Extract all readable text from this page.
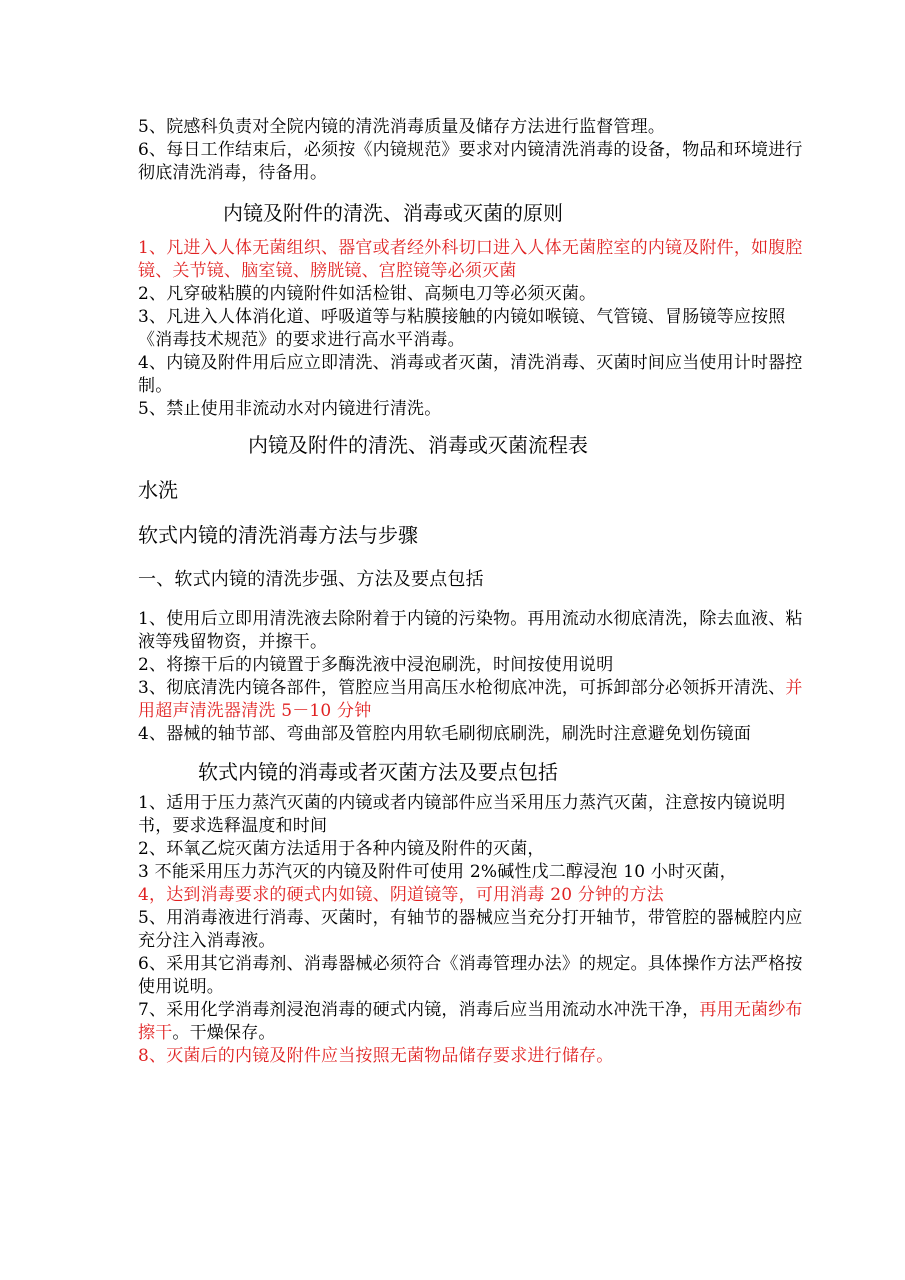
5、院感科负责对全院内镜的清洗消毒质量及储存方法进行监督管理。

6、每日工作结束后，必须按《内镜规范》要求对内镜清洗消毒的设备，物品和环境进行彻底清洗消毒，待备用。

内镜及附件的清洗、消毒或灭菌的原则

1、凡进入人体无菌组织、器官或者经外科切口进入人体无菌腔室的内镜及附件，如腹腔镜、关节镜、脑室镜、膀胱镜、宫腔镜等必须灭菌

2、凡穿破粘膜的内镜附件如活检钳、高频电刀等必须灭菌。

3、凡进入人体消化道、呼吸道等与粘膜接触的内镜如喉镜、气管镜、冒肠镜等应按照《消毒技术规范》的要求进行高水平消毒。

4、内镜及附件用后应立即清洗、消毒或者灭菌，清洗消毒、灭菌时间应当使用计时器控制。

5、禁止使用非流动水对内镜进行清洗。

内镜及附件的清洗、消毒或灭菌流程表

水洗

软式内镜的清洗消毒方法与步骤

一、软式内镜的清洗步强、方法及要点包括

1、使用后立即用清洗液去除附着于内镜的污染物。再用流动水彻底清洗，除去血液、粘液等残留物资，并擦干。

2、将擦干后的内镜置于多酶洗液中浸泡刷洗，时间按使用说明

3、彻底清洗内镜各部件，管腔应当用高压水枪彻底冲洗，可拆卸部分必领拆开清洗、并用超声清洗器清洗 5－10 分钟

4、器械的轴节部、弯曲部及管腔内用软毛刷彻底刷洗，刷洗时注意避免划伤镜面

软式内镜的消毒或者灭菌方法及要点包括

1、适用于压力蒸汽灭菌的内镜或者内镜部件应当采用压力蒸汽灭菌，注意按内镜说明书，要求选释温度和时间

2、环氧乙烷灭菌方法适用于各种内镜及附件的灭菌，

3 不能采用压力苏汽灭的内镜及附件可使用 2%碱性戊二醇浸泡 10 小时灭菌，

4，达到消毒要求的硬式内如镜、阴道镜等，可用消毒 20 分钟的方法

5、用消毒液进行消毒、灭菌时，有轴节的器械应当充分打开轴节，带管腔的器械腔内应充分注入消毒液。

6、采用其它消毒剂、消毒器械必须符合《消毒管理办法》的规定。具体操作方法严格按使用说明。

7、采用化学消毒剂浸泡消毒的硬式内镜，消毒后应当用流动水冲洗干净，再用无菌纱布擦干。干燥保存。

8、灭菌后的内镜及附件应当按照无菌物品储存要求进行储存。
